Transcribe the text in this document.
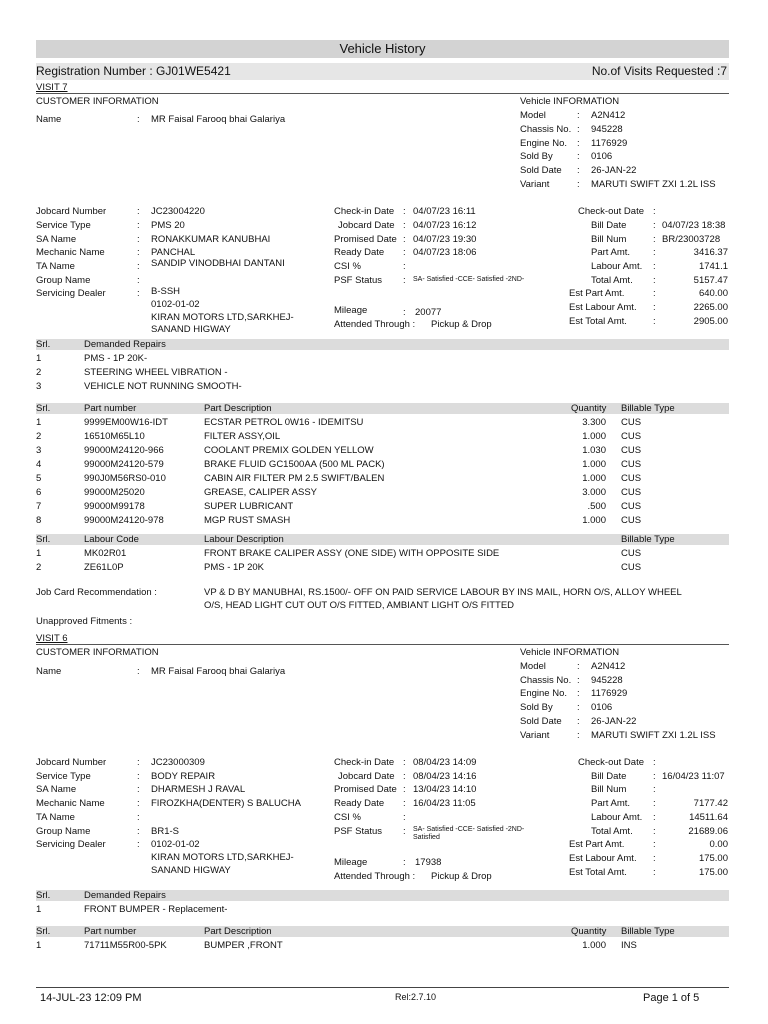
Vehicle History
Registration Number : GJ01WE5421	No.of Visits Requested :7
VISIT 7
CUSTOMER INFORMATION
Name	: MR Faisal Farooq bhai Galariya
Vehicle INFORMATION
Model	: A2N412
Chassis No. : 945228
Engine No. : 1176929
Sold By	: 0106
Sold Date : 26-JAN-22
Variant	: MARUTI SWIFT ZXI 1.2L ISS
Jobcard Number	: JC23004220
Service Type	: PMS 20
SA Name	: RONAKKUMAR KANUBHAI
Mechanic Name	: PANCHAL
TA Name	: SANDIP VINODBHAI DANTANI
Group Name	:
Servicing Dealer	: B-SSH
0102-01-02
KIRAN MOTORS LTD,SARKHEJ-
SANAND HIGWAY
Check-in Date : 04/07/23 16:11
Jobcard Date : 04/07/23 16:12
Promised Date : 04/07/23 19:30
Ready Date : 04/07/23 18:06
CSI %	:
PSF Status : SA- Satisfied -CCE- Satisfied -2ND-
Mileage	: 20077
Attended Through : Pickup & Drop
Check-out Date :
Bill Date	: 04/07/23 18:38
Bill Num	: BR/23003728
Part Amt. :	3416.37
Labour Amt. :	1741.1
Total Amt. :	5157.47
Est Part Amt.	:	640.00
Est Labour Amt. :	2265.00
Est Total Amt.	:	2905.00
Srl.	Demanded Repairs
1	PMS - 1P 20K-
2	STEERING WHEEL VIBRATION -
3	VEHICLE NOT RUNNING SMOOTH-
Srl.	Part number	Part Description	Quantity Billable Type
1	9999EM00W16-IDT	ECSTAR PETROL 0W16 - IDEMITSU	3.300 CUS
2	16510M65L10	FILTER ASSY,OIL	1.000 CUS
3	99000M24120-966	COOLANT PREMIX GOLDEN YELLOW	1.030 CUS
4	99000M24120-579	BRAKE FLUID GC1500AA (500 ML PACK)	1.000 CUS
5	990J0M56RS0-010	CABIN AIR FILTER PM 2.5 SWIFT/BALEN	1.000 CUS
6	99000M25020	GREASE, CALIPER ASSY	3.000 CUS
7	99000M99178	SUPER LUBRICANT	.500 CUS
8	99000M24120-978	MGP RUST SMASH	1.000 CUS
Srl.	Labour Code	Labour Description	Billable Type
1	MK02R01	FRONT BRAKE CALIPER ASSY (ONE SIDE) WITH OPPOSITE SIDE	CUS
2	ZE61L0P	PMS - 1P 20K	CUS
Job Card Recommendation :	VP & D BY MANUBHAI, RS.1500/- OFF ON PAID SERVICE LABOUR BY INS MAIL, HORN O/S, ALLOY WHEEL
O/S, HEAD LIGHT CUT OUT O/S FITTED, AMBIANT LIGHT O/S FITTED
Unapproved Fitments :
VISIT 6
CUSTOMER INFORMATION
Name	: MR Faisal Farooq bhai Galariya
Vehicle INFORMATION
Model	: A2N412
Chassis No. : 945228
Engine No. : 1176929
Sold By	: 0106
Sold Date : 26-JAN-22
Variant	: MARUTI SWIFT ZXI 1.2L ISS
Jobcard Number	: JC23000309
Service Type	: BODY REPAIR
SA Name	: DHARMESH J RAVAL
Mechanic Name	: FIROZKHA(DENTER) S BALUCHA
TA Name	:
Group Name	: BR1-S
Servicing Dealer	: 0102-01-02
KIRAN MOTORS LTD,SARKHEJ-
SANAND HIGWAY
Check-in Date : 08/04/23 14:09
Jobcard Date : 08/04/23 14:16
Promised Date : 13/04/23 14:10
Ready Date : 16/04/23 11:05
CSI %	:
PSF Status : SA- Satisfied -CCE- Satisfied -2ND-
Satisfied
Mileage	: 17938
Attended Through : Pickup & Drop
Check-out Date :
Bill Date	: 16/04/23 11:07
Bill Num	:
Part Amt. :	7177.42
Labour Amt. :	14511.64
Total Amt. :	21689.06
Est Part Amt.	:	0.00
Est Labour Amt. :	175.00
Est Total Amt.	:	175.00
Srl.	Demanded Repairs
1	FRONT BUMPER - Replacement-
Srl.	Part number	Part Description	Quantity Billable Type
1	71711M55R00-5PK	BUMPER ,FRONT	1.000 INS
14-JUL-23 12:09 PM	Rel:2.7.10	Page 1 of 5
